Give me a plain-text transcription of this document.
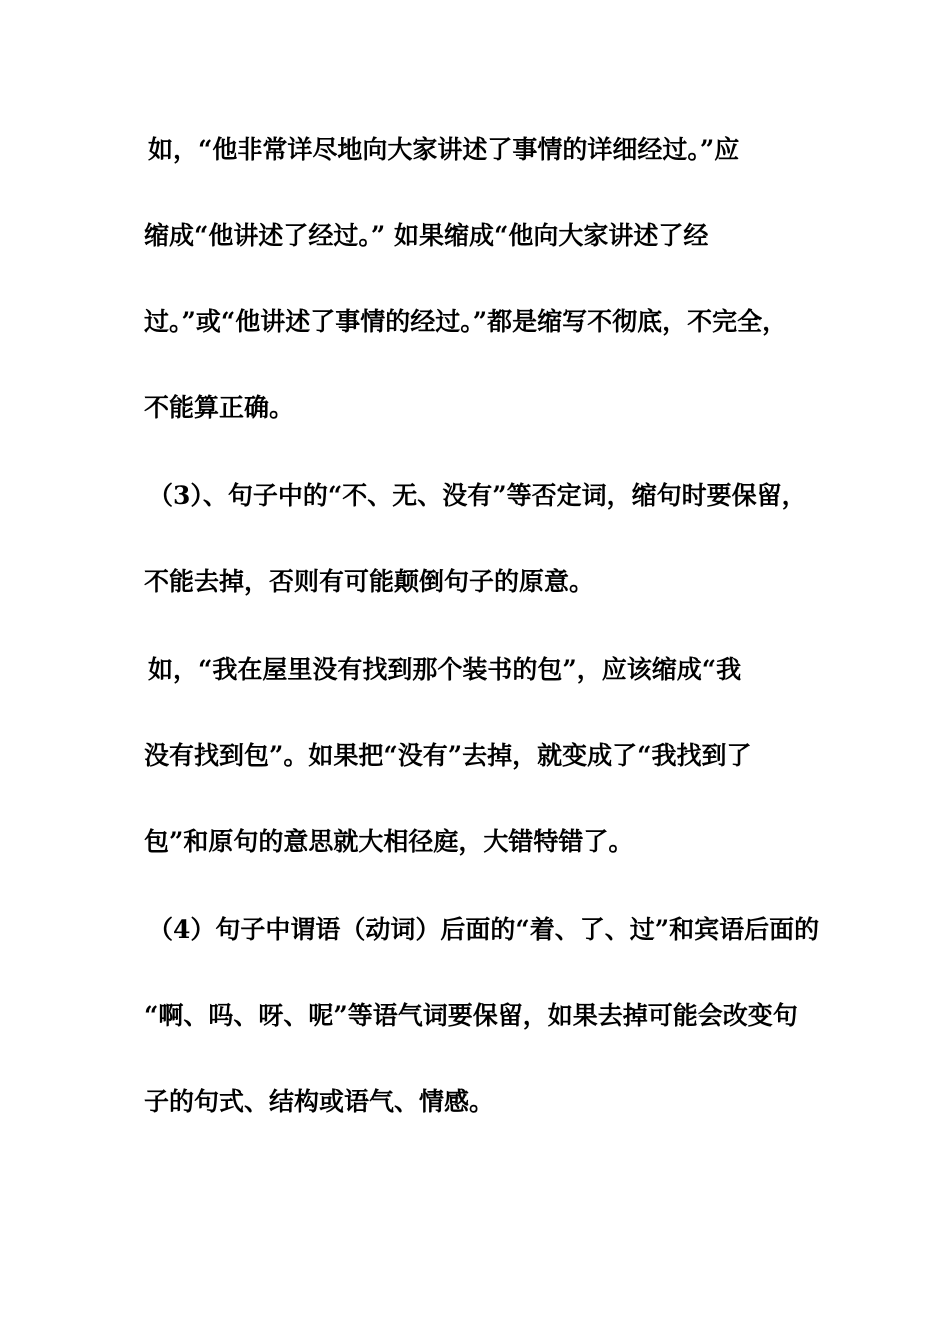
如，“他非常详尽地向大家讲述了事情的详细经过。”应
缩成“他讲述了经过。” 如果缩成“他向大家讲述了经
过。”或“他讲述了事情的经过。”都是缩写不彻底，不完全，
不能算正确。
（3）、句子中的“不、无、没有”等否定词，缩句时要保留，
不能去掉，否则有可能颠倒句子的原意。
如，“我在屋里没有找到那个装书的包”，应该缩成“我
没有找到包”。如果把“没有”去掉，就变成了“我找到了
包”和原句的意思就大相径庭，大错特错了。
（4）句子中谓语（动词）后面的“着、了、过”和宾语后面的
“啊、吗、呀、呢”等语气词要保留，如果去掉可能会改变句
子的句式、结构或语气、情感。
